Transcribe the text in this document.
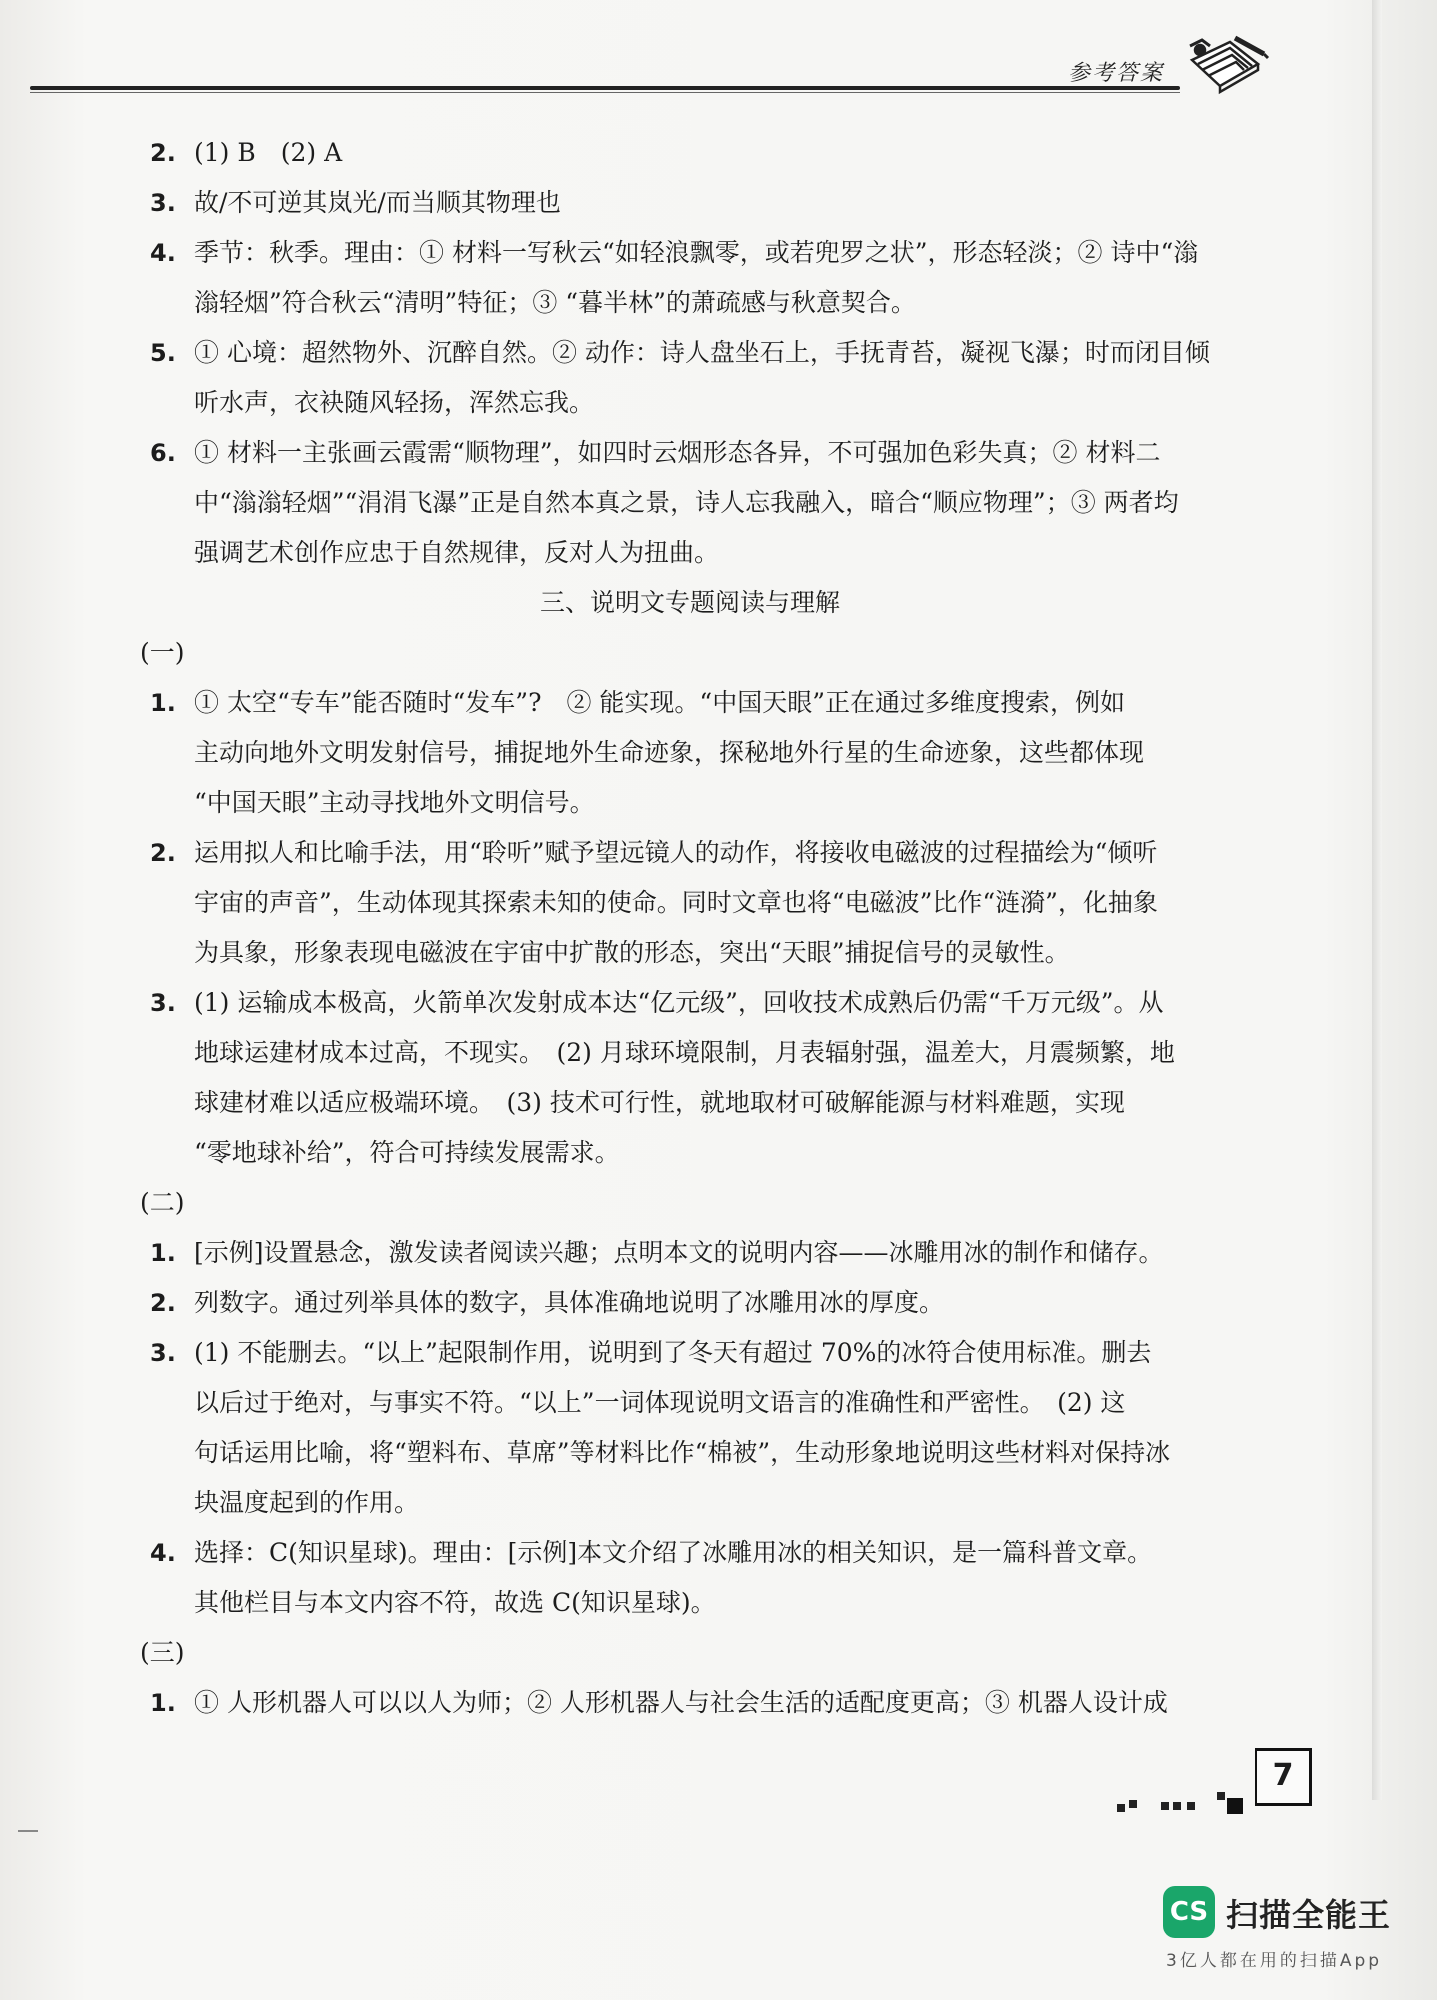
参考答案
2. (1) B　(2) A
3. 故/不可逆其岚光/而当顺其物理也
4. 季节：秋季。理由：① 材料一写秋云“如轻浪飘零，或若兜罗之状”，形态轻淡；② 诗中“滃
滃轻烟”符合秋云“清明”特征；③ “暮半林”的萧疏感与秋意契合。
5. ① 心境：超然物外、沉醉自然。② 动作：诗人盘坐石上，手抚青苔，凝视飞瀑；时而闭目倾
听水声，衣袂随风轻扬，浑然忘我。
6. ① 材料一主张画云霞需“顺物理”，如四时云烟形态各异，不可强加色彩失真；② 材料二
中“滃滃轻烟”“涓涓飞瀑”正是自然本真之景，诗人忘我融入，暗合“顺应物理”；③ 两者均
强调艺术创作应忠于自然规律，反对人为扭曲。
三、说明文专题阅读与理解
(一)
1. ① 太空“专车”能否随时“发车”?　② 能实现。“中国天眼”正在通过多维度搜索，例如
主动向地外文明发射信号，捕捉地外生命迹象，探秘地外行星的生命迹象，这些都体现
“中国天眼”主动寻找地外文明信号。
2. 运用拟人和比喻手法，用“聆听”赋予望远镜人的动作，将接收电磁波的过程描绘为“倾听
宇宙的声音”，生动体现其探索未知的使命。同时文章也将“电磁波”比作“涟漪”，化抽象
为具象，形象表现电磁波在宇宙中扩散的形态，突出“天眼”捕捉信号的灵敏性。
3. (1) 运输成本极高，火箭单次发射成本达“亿元级”，回收技术成熟后仍需“千万元级”。从
地球运建材成本过高，不现实。　(2) 月球环境限制，月表辐射强，温差大，月震频繁，地
球建材难以适应极端环境。　(3) 技术可行性，就地取材可破解能源与材料难题，实现
“零地球补给”，符合可持续发展需求。
(二)
1. [示例]设置悬念，激发读者阅读兴趣；点明本文的说明内容——冰雕用冰的制作和储存。
2. 列数字。通过列举具体的数字，具体准确地说明了冰雕用冰的厚度。
3. (1) 不能删去。“以上”起限制作用，说明到了冬天有超过 70%的冰符合使用标准。删去
以后过于绝对，与事实不符。“以上”一词体现说明文语言的准确性和严密性。　(2) 这
句话运用比喻，将“塑料布、草席”等材料比作“棉被”，生动形象地说明这些材料对保持冰
块温度起到的作用。
4. 选择：C(知识星球)。理由：[示例]本文介绍了冰雕用冰的相关知识，是一篇科普文章。
其他栏目与本文内容不符，故选 C(知识星球)。
(三)
1. ① 人形机器人可以以人为师；② 人形机器人与社会生活的适配度更高；③ 机器人设计成
7
CS 扫描全能王
3亿人都在用的扫描App
